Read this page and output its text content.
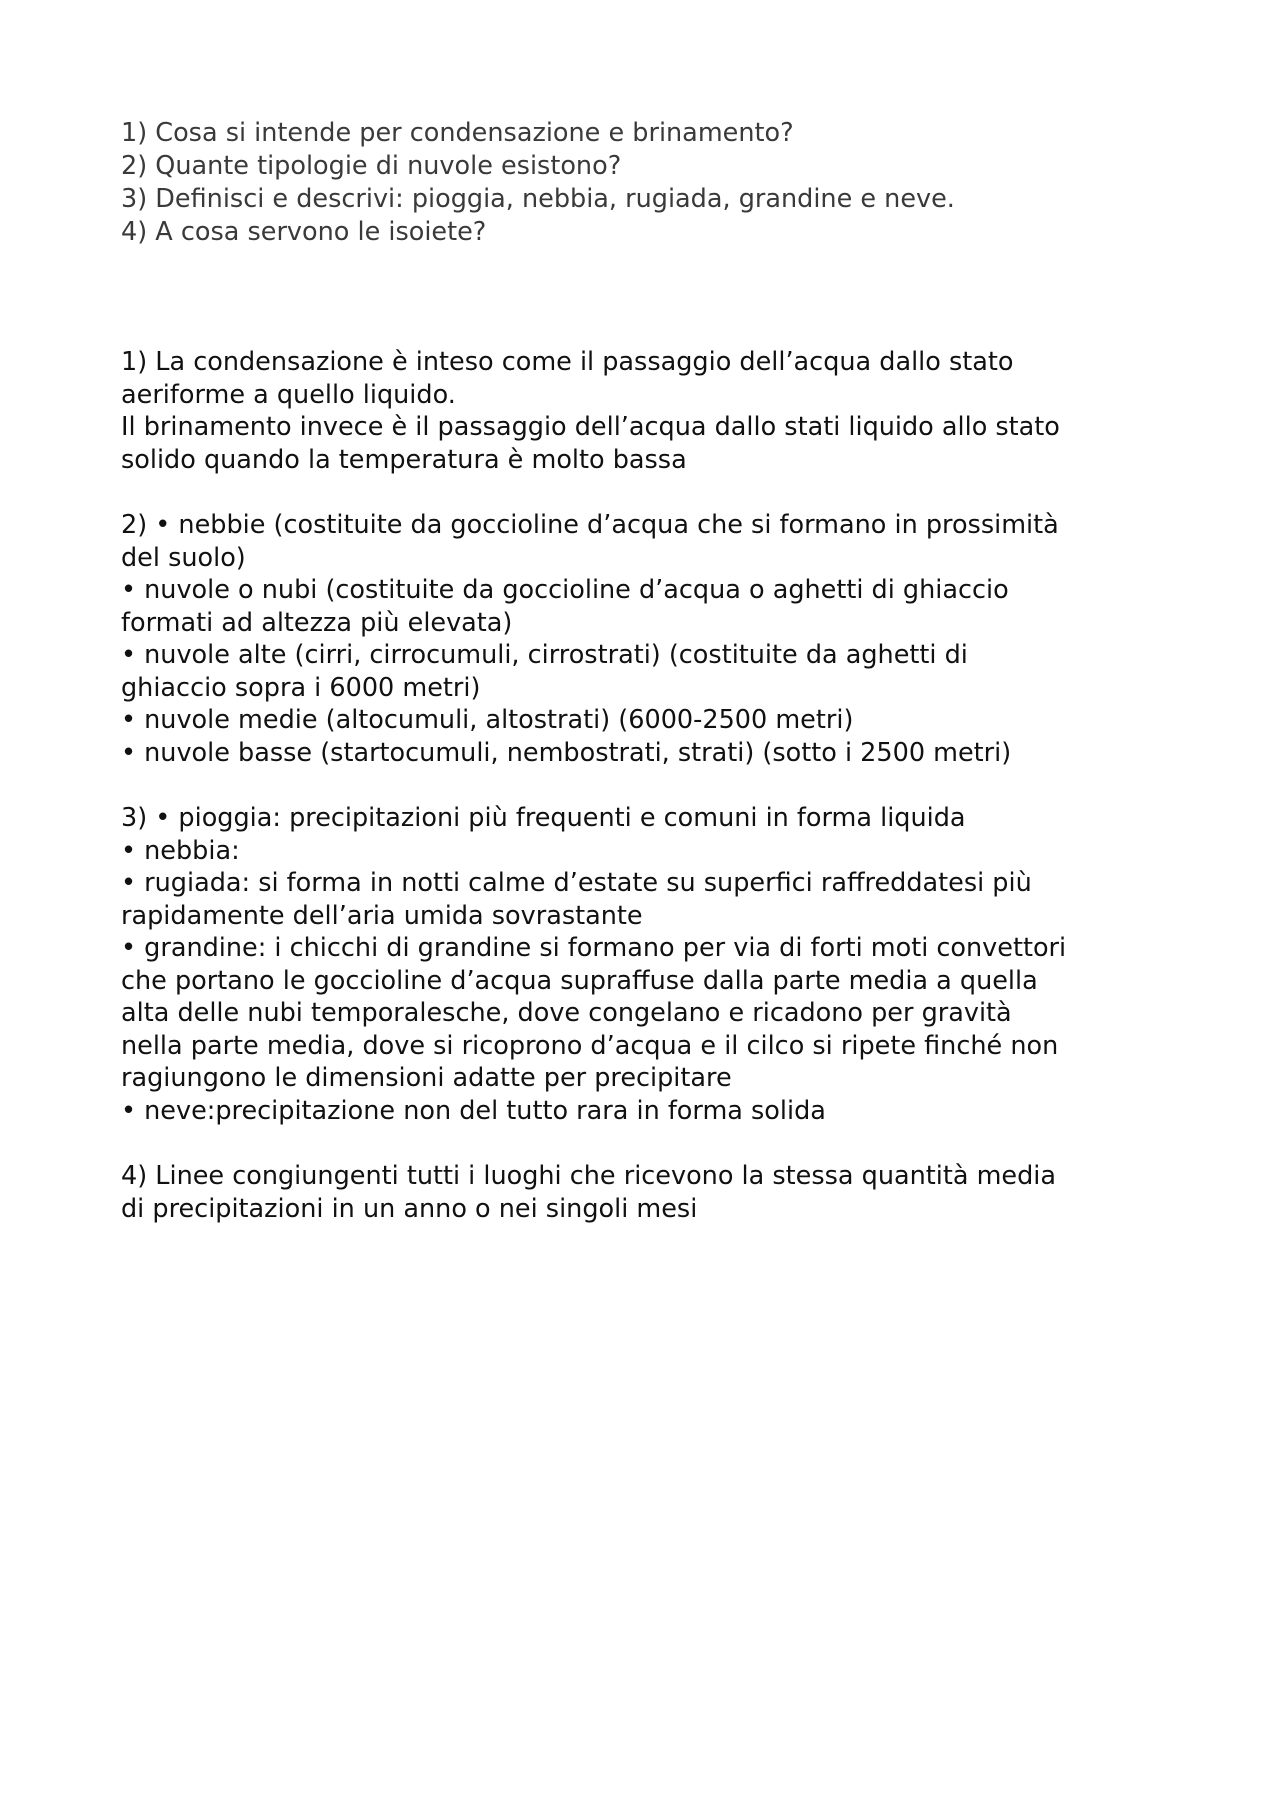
1) Cosa si intende per condensazione e brinamento?
2) Quante tipologie di nuvole esistono?
3) Definisci e descrivi: pioggia, nebbia, rugiada, grandine e neve.
4) A cosa servono le isoiete?
1) La condensazione è inteso come il passaggio dell’acqua dallo stato
aeriforme a quello liquido.
Il brinamento invece è il passaggio dell’acqua dallo stati liquido allo stato
solido quando la temperatura è molto bassa
2) • nebbie (costituite da goccioline d’acqua che si formano in prossimità
del suolo)
• nuvole o nubi (costituite da goccioline d’acqua o aghetti di ghiaccio
formati ad altezza più elevata)
• nuvole alte (cirri, cirrocumuli, cirrostrati) (costituite da aghetti di
ghiaccio sopra i 6000 metri)
• nuvole medie (altocumuli, altostrati) (6000-2500 metri)
• nuvole basse (startocumuli, nembostrati, strati) (sotto i 2500 metri)
3) • pioggia: precipitazioni più frequenti e comuni in forma liquida
• nebbia:
• rugiada: si forma in notti calme d’estate su superfici raffreddatesi più
rapidamente dell’aria umida sovrastante
• grandine: i chicchi di grandine si formano per via di forti moti convettori
che portano le goccioline d’acqua supraffuse dalla parte media a quella
alta delle nubi temporalesche, dove congelano e ricadono per gravità
nella parte media, dove si ricoprono d’acqua e il cilco si ripete finché non
ragiungono le dimensioni adatte per precipitare
• neve:precipitazione non del tutto rara in forma solida
4) Linee congiungenti tutti i luoghi che ricevono la stessa quantità media
di precipitazioni in un anno o nei singoli mesi
